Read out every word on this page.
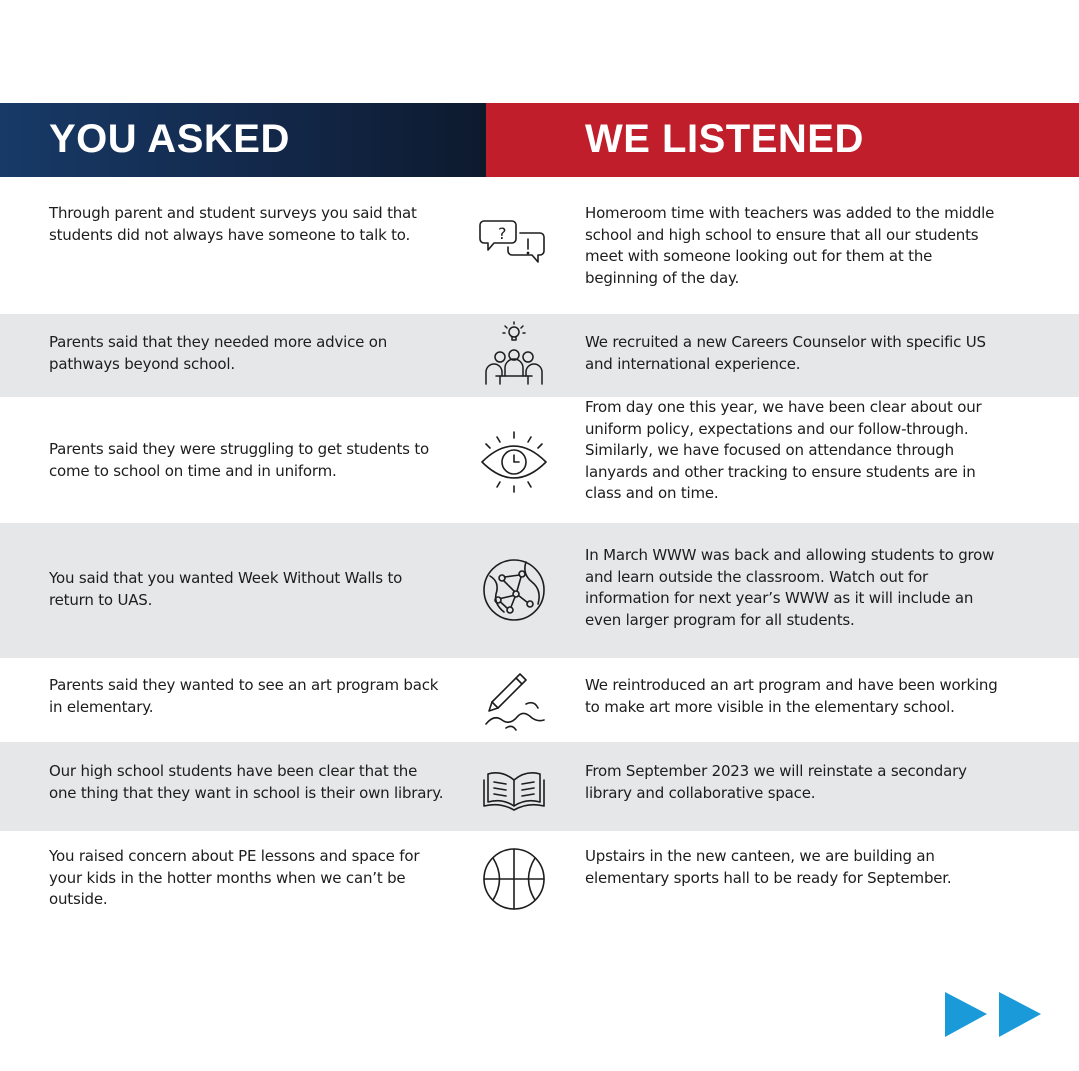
YOU ASKED	WE LISTENED
Through parent and student surveys you said that students did not always have someone to talk to.	?
Homeroom time with teachers was added to the middle school and high school to ensure that all our students meet with someone looking out for them at the beginning of the day.
Parents said that they needed more advice on pathways beyond school.
We recruited a new Careers Counselor with specific US and international experience.
Parents said they were struggling to get students to come to school on time and in uniform.
From day one this year, we have been clear about our uniform policy, expectations and our follow-through. Similarly, we have focused on attendance through lanyards and other tracking to ensure students are in class and on time.
You said that you wanted Week Without Walls to return to UAS.
In March WWW was back and allowing students to grow and learn outside the classroom. Watch out for information for next year’s WWW as it will include an even larger program for all students.
Parents said they wanted to see an art program back in elementary.
We reintroduced an art program and have been working to make art more visible in the elementary school.
Our high school students have been clear that the one thing that they want in school is their own library.
From September 2023 we will reinstate a secondary library and collaborative space.
You raised concern about PE lessons and space for your kids in the hotter months when we can’t be outside.
Upstairs in the new canteen, we are building an elementary sports hall to be ready for September.
